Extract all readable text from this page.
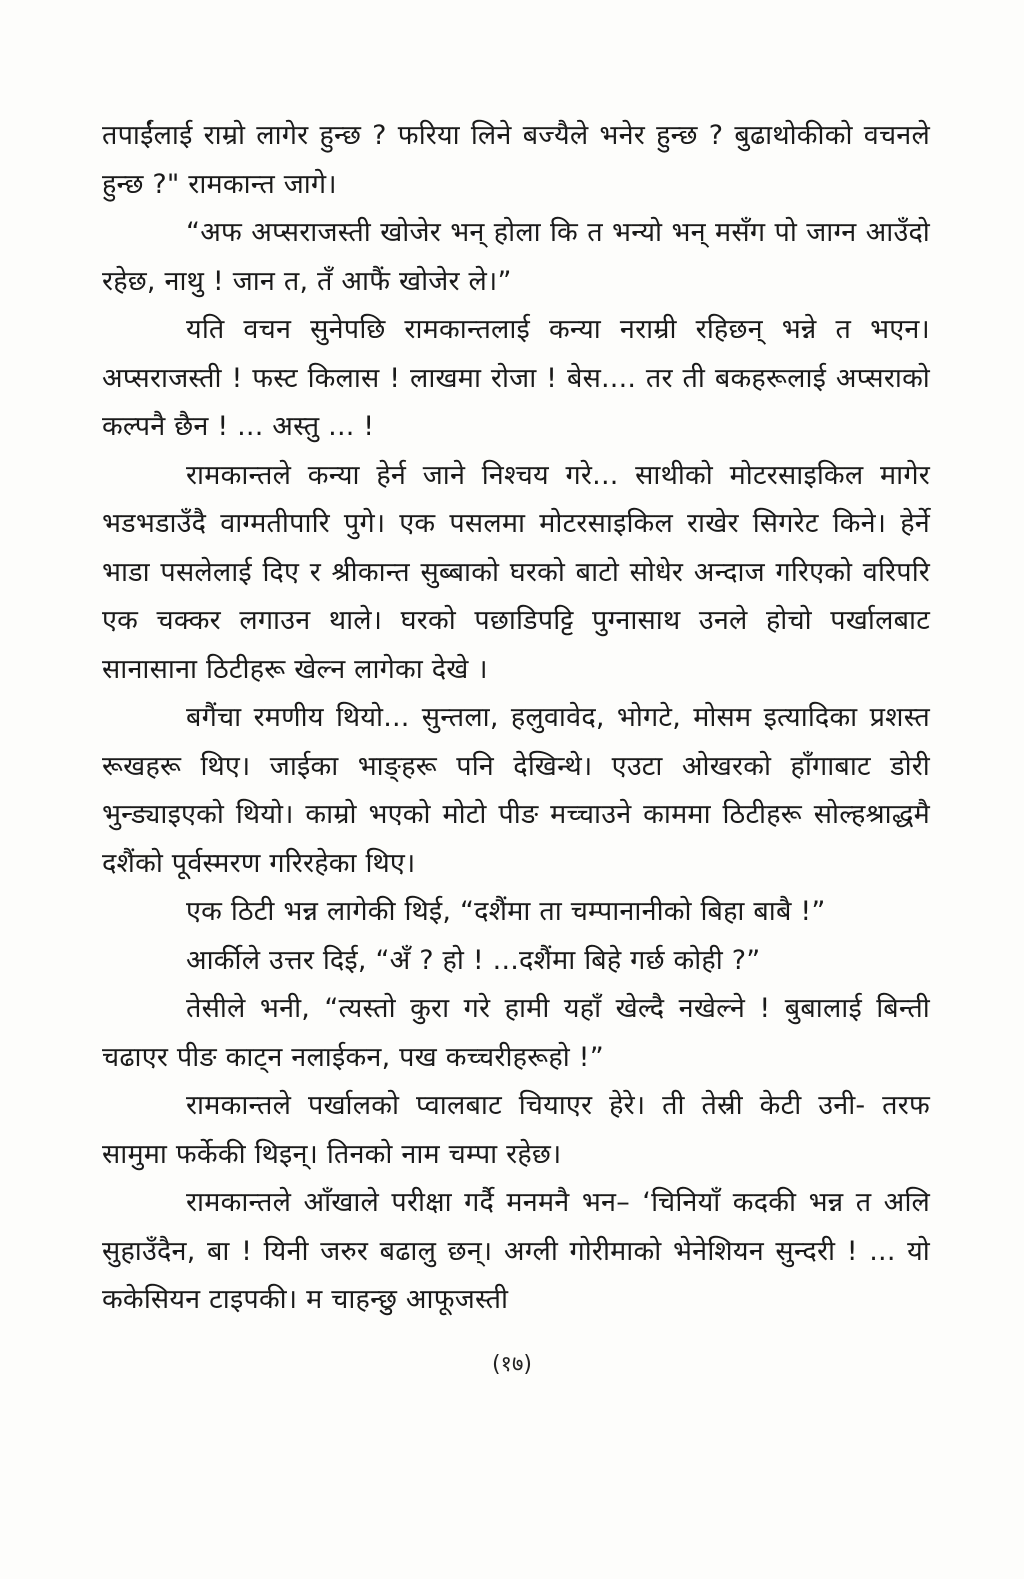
तपाईंलाई राम्रो लागेर हुन्छ ? फरिया लिने बज्यैले भनेर हुन्छ ? बुढाथोकीको वचनले हुन्छ ?" रामकान्त जागे।

“अफ अप्सराजस्ती खोजेर भन् होला कि त भन्यो भन् मसँग पो जाग्न आउँदो रहेछ, नाथु ! जान त, तँ आफैं खोजेर ले।”

यति वचन सुनेपछि रामकान्तलाई कन्या नराम्री रहिछन् भन्ने त भएन। अप्सराजस्ती ! फस्ट किलास ! लाखमा रोजा ! बेस.... तर ती बकहरूलाई अप्सराको कल्पनै छैन ! ... अस्तु ... !

रामकान्तले कन्या हेर्न जाने निश्चय गरे... साथीको मोटरसाइकिल मागेर भडभडाउँदै वाग्मतीपारि पुगे। एक पसलमा मोटरसाइकिल राखेर सिगरेट किने। हेर्ने भाडा पसलेलाई दिए र श्रीकान्त सुब्बाको घरको बाटो सोधेर अन्दाज गरिएको वरिपरि एक चक्कर लगाउन थाले। घरको पछाडिपट्टि पुग्नासाथ उनले होचो पर्खालबाट सानासाना ठिटीहरू खेल्न लागेका देखे ।

बगैंचा रमणीय थियो... सुन्तला, हलुवावेद, भोगटे, मोसम इत्यादिका प्रशस्त रूखहरू थिए। जाईका भाङ्हरू पनि देखिन्थे। एउटा ओखरको हाँगाबाट डोरी भुन्ड्याइएको थियो। काम्रो भएको मोटो पीङ मच्चाउने काममा ठिटीहरू सोल्हश्राद्धमै दशैंको पूर्वस्मरण गरिरहेका थिए।

एक ठिटी भन्न लागेकी थिई, “दशैंमा ता चम्पानानीको बिहा बाबै !”

आर्कीले उत्तर दिई, “अँ ? हो ! ...दशैंमा बिहे गर्छ कोही ?”

तेसीले भनी, “त्यस्तो कुरा गरे हामी यहाँ खेल्दै नखेल्ने ! बुबालाई बिन्ती चढाएर पीङ काट्न नलाईकन, पख कच्चरीहरूहो !”

रामकान्तले पर्खालको प्वालबाट चियाएर हेरे। ती तेस्री केटी उनी- तरफ सामुमा फर्केकी थिइन्। तिनको नाम चम्पा रहेछ।

रामकान्तले आँखाले परीक्षा गर्दै मनमनै भन– ‘चिनियाँ कदकी भन्न त अलि सुहाउँदैन, बा ! यिनी जरुर बढालु छन्। अग्ली गोरीमाको भेनेशियन सुन्दरी ! ... यो ककेसियन टाइपकी। म चाहन्छु आफूजस्ती

(१७)
